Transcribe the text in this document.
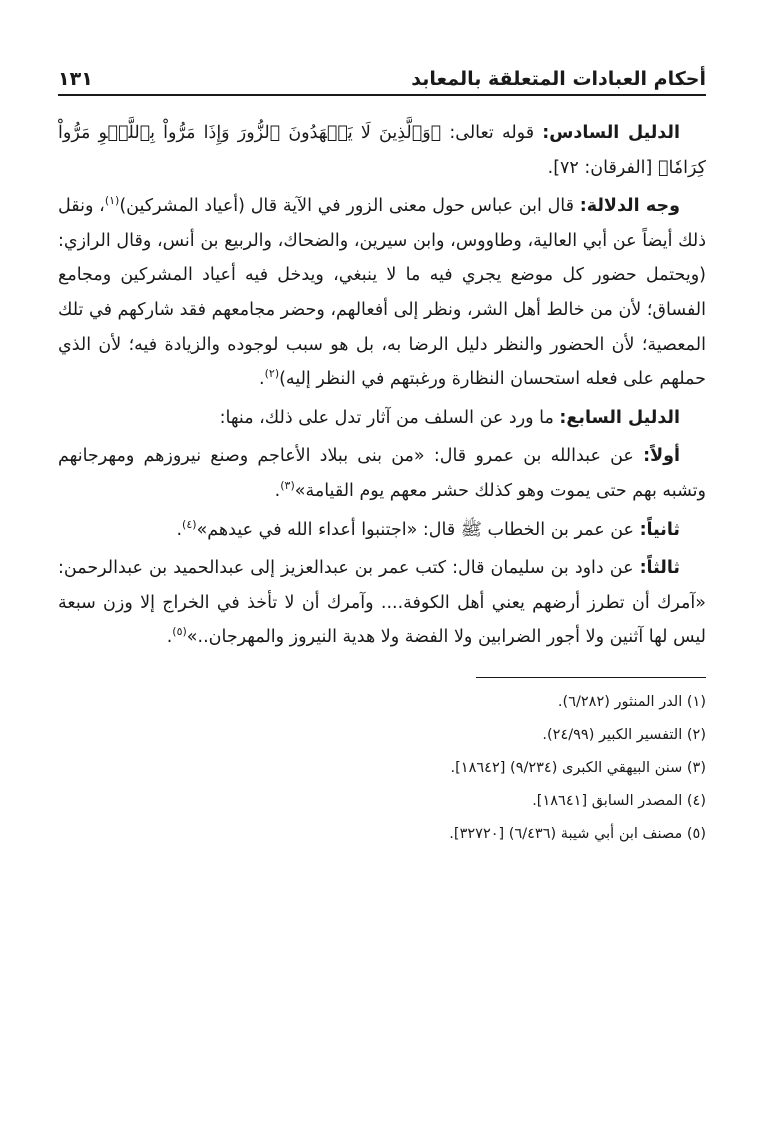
أحكام العبادات المتعلقة بالمعابد
١٣١

الدليل السادس: قوله تعالى: ﴿وَٱلَّذِينَ لَا يَشۡهَدُونَ ٱلزُّورَ وَإِذَا مَرُّواْ بِٱللَّغۡوِ مَرُّواْ كِرَامٗا﴾ [الفرقان: ٧٢].

وجه الدلالة: قال ابن عباس حول معنى الزور في الآية قال (أعياد المشركين)$^{(١)}$، ونقل ذلك أيضاً عن أبي العالية، وطاووس، وابن سيرين، والضحاك، والربيع بن أنس، وقال الرازي: (ويحتمل حضور كل موضع يجري فيه ما لا ينبغي، ويدخل فيه أعياد المشركين ومجامع الفساق؛ لأن من خالط أهل الشر، ونظر إلى أفعالهم، وحضر مجامعهم فقد شاركهم في تلك المعصية؛ لأن الحضور والنظر دليل الرضا به، بل هو سبب لوجوده والزيادة فيه؛ لأن الذي حملهم على فعله استحسان النظارة ورغبتهم في النظر إليه)$^{(٢)}$.

الدليل السابع: ما ورد عن السلف من آثار تدل على ذلك، منها:

أولاً: عن عبدالله بن عمرو قال: «من بنى ببلاد الأعاجم وصنع نيروزهم ومهرجانهم وتشبه بهم حتى يموت وهو كذلك حشر معهم يوم القيامة»$^{(٣)}$.

ثانياً: عن عمر بن الخطاب ﷺ قال: «اجتنبوا أعداء الله في عيدهم»$^{(٤)}$.

ثالثاً: عن داود بن سليمان قال: كتب عمر بن عبدالعزيز إلى عبدالحميد بن عبدالرحمن: «آمرك أن تطرز أرضهم يعني أهل الكوفة.... وآمرك أن لا تأخذ في الخراج إلا وزن سبعة ليس لها آثنين ولا أجور الضرابين ولا الفضة ولا هدية النيروز والمهرجان..»$^{(٥)}$.

(١) الدر المنثور (٦/٢٨٢).
(٢) التفسير الكبير (٢٤/٩٩).
(٣) سنن البيهقي الكبرى (٩/٢٣٤) [١٨٦٤٢].
(٤) المصدر السابق [١٨٦٤١].
(٥) مصنف ابن أبي شيبة (٦/٤٣٦) [٣٢٧٢٠].
